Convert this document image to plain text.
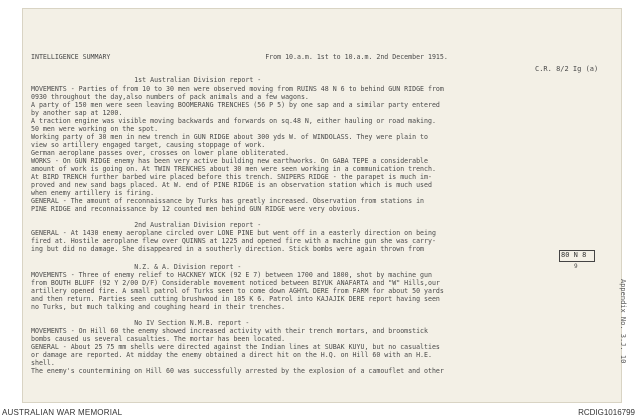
C.R. 8/2 Ig (a)
INTELLIGENCE SUMMARY                                       From 10.a.m. 1st to 10.a.m. 2nd December 1915.
1st Australian Division report -
MOVEMENTS - Parties of from 10 to 30 men were observed moving from RUINS 48 N 6 to behind GUN RIDGE from
0930 throughout the day,also numbers of pack animals and a few wagons.
A party of 150 men were seen leaving BOOMERANG TRENCHES (56 P 5) by one sap and a similar party entered
by another sap at 1200.
A traction engine was visible moving backwards and forwards on sq.48 N, either hauling or road making.
50 men were working on the spot.
Working party of 30 men in new trench in GUN RIDGE about 300 yds W. of WINDOLASS. They were plain to
view so artillery engaged target, causing stoppage of work.
German aeroplane passes over, crosses on lower plane obliterated.
WORKS - On GUN RIDGE enemy has been very active building new earthworks. On GABA TEPE a considerable
amount of work is going on. At TWIN TRENCHES about 30 men were seen working in a communication trench.
At BIRD TRENCH further barbed wire placed before this trench. SNIPERS RIDGE - the parapet is much im-
proved and new sand bags placed. At W. end of PINE RIDGE is an observation station which is much used
when enemy artillery is firing.
GENERAL - The amount of reconnaissance by Turks has greatly increased. Observation from stations in
PINE RIDGE and reconnaissance by 12 counted men behind GUN RIDGE were very obvious.
2nd Australian Division report -
GENERAL - At 1430 enemy aeroplane circled over LONE PINE but went off in a easterly direction on being
fired at. Hostile aeroplane flew over QUINNS at 1225 and opened fire with a machine gun she was carry-
ing but did no damage. She disappeared in a southerly direction. Stick bombs were again thrown from
N.Z. & A. Division report -
MOVEMENTS - Three of enemy relief to HACKNEY WICK (92 E 7) between 1700 and 1800, shot by machine gun
from BOUTH BLUFF (92 Y 2/00 D/F) Considerable movement noticed between BIYUK ANAFARTA and "W" Hills,our
artillery opened fire. A small patrol of Turks seen to come down AGHYL DERE from FARM for about 50 yards
and then return. Parties seen cutting brushwood in 105 K 6. Patrol into KAJAJIK DERE report having seen
no Turks, but much talking and coughing heard in their trenches.
No IV Section N.M.B. report -
MOVEMENTS - On Hill 60 the enemy showed increased activity with their trench mortars, and broomstick
bombs caused us several casualties. The mortar has been located.
GENERAL - About 25 75 mm shells were directed against the Indian lines at SUBAK KUYU, but no casualties
or damage are reported. At midday the enemy obtained a direct hit on the H.Q. on Hill 60 with an H.E.
shell.
The enemy's countermining on Hill 60 was successfully arrested by the explosion of a camouflet and other
80 N 8
9
Appendix No. 3.J. 10
AUSTRALIAN WAR MEMORIAL	RCDIG1016799
